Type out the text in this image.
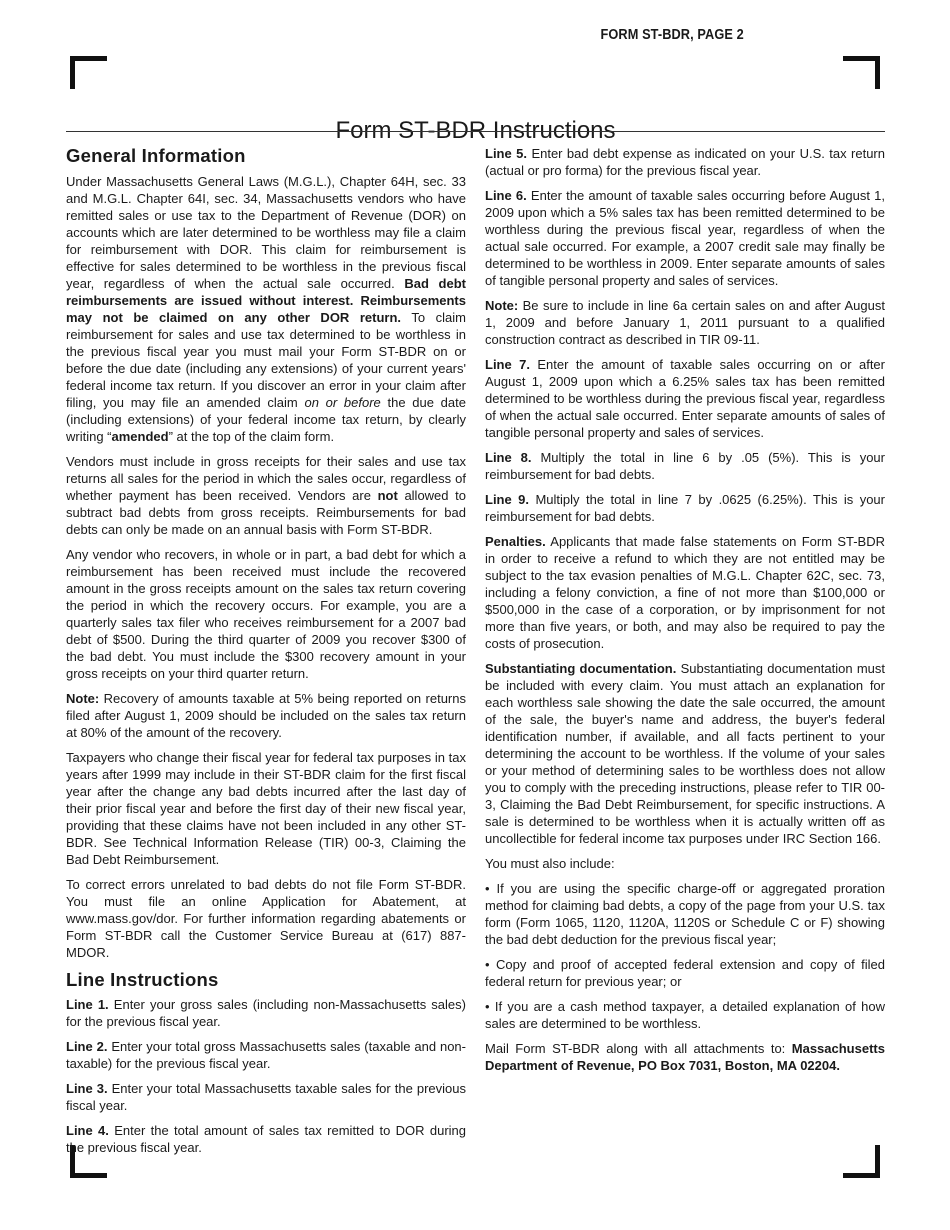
FORM ST-BDR, PAGE 2
Form ST-BDR Instructions
General Information

Under Massachusetts General Laws (M.G.L.), Chapter 64H, sec. 33 and M.G.L. Chapter 64I, sec. 34, Massachusetts vendors who have remitted sales or use tax to the Department of Revenue (DOR) on accounts which are later determined to be worthless may file a claim for reimbursement with DOR. This claim for reimbursement is effective for sales determined to be worthless in the previous fiscal year, regardless of when the actual sale occurred. Bad debt reimbursements are issued without interest. Reimbursements may not be claimed on any other DOR return. To claim reimbursement for sales and use tax determined to be worthless in the previous fiscal year you must mail your Form ST-BDR on or before the due date (including any extensions) of your current years' federal income tax return. If you discover an error in your claim after filing, you may file an amended claim on or before the due date (including extensions) of your federal income tax return, by clearly writing “amended” at the top of the claim form.

Vendors must include in gross receipts for their sales and use tax returns all sales for the period in which the sales occur, regardless of whether payment has been received. Vendors are not allowed to subtract bad debts from gross receipts. Reimbursements for bad debts can only be made on an annual basis with Form ST-BDR.

Any vendor who recovers, in whole or in part, a bad debt for which a reimbursement has been received must include the recovered amount in the gross receipts amount on the sales tax return covering the period in which the recovery occurs. For example, you are a quarterly sales tax filer who receives reimbursement for a 2007 bad debt of $500. During the third quarter of 2009 you recover $300 of the bad debt. You must include the $300 recovery amount in your gross receipts on your third quarter return.

Note: Recovery of amounts taxable at 5% being reported on returns filed after August 1, 2009 should be included on the sales tax return at 80% of the amount of the recovery.

Taxpayers who change their fiscal year for federal tax purposes in tax years after 1999 may include in their ST-BDR claim for the first fiscal year after the change any bad debts incurred after the last day of their prior fiscal year and before the first day of their new fiscal year, providing that these claims have not been included in any other ST-BDR. See Technical Information Release (TIR) 00-3, Claiming the Bad Debt Reimbursement.

To correct errors unrelated to bad debts do not file Form ST-BDR. You must file an online Application for Abatement, at www.mass.gov/dor. For further information regarding abatements or Form ST-BDR call the Customer Service Bureau at (617) 887-MDOR.

Line Instructions

Line 1. Enter your gross sales (including non-Massachusetts sales) for the previous fiscal year.

Line 2. Enter your total gross Massachusetts sales (taxable and non-taxable) for the previous fiscal year.

Line 3. Enter your total Massachusetts taxable sales for the previous fiscal year.

Line 4. Enter the total amount of sales tax remitted to DOR during the previous fiscal year.

Line 5. Enter bad debt expense as indicated on your U.S. tax return (actual or pro forma) for the previous fiscal year.

Line 6. Enter the amount of taxable sales occurring before August 1, 2009 upon which a 5% sales tax has been remitted determined to be worthless during the previous fiscal year, regardless of when the actual sale occurred. For example, a 2007 credit sale may finally be determined to be worthless in 2009. Enter separate amounts of sales of tangible personal property and sales of services.

Note: Be sure to include in line 6a certain sales on and after August 1, 2009 and before January 1, 2011 pursuant to a qualified construction contract as described in TIR 09-11.

Line 7. Enter the amount of taxable sales occurring on or after August 1, 2009 upon which a 6.25% sales tax has been remitted determined to be worthless during the previous fiscal year, regardless of when the actual sale occurred. Enter separate amounts of sales of tangible personal property and sales of services.

Line 8. Multiply the total in line 6 by .05 (5%). This is your reimbursement for bad debts.

Line 9. Multiply the total in line 7 by .0625 (6.25%). This is your reimbursement for bad debts.

Penalties. Applicants that made false statements on Form ST-BDR in order to receive a refund to which they are not entitled may be subject to the tax evasion penalties of M.G.L. Chapter 62C, sec. 73, including a felony conviction, a fine of not more than $100,000 or $500,000 in the case of a corporation, or by imprisonment for not more than five years, or both, and may also be required to pay the costs of prosecution.

Substantiating documentation. Substantiating documentation must be included with every claim. You must attach an explanation for each worthless sale showing the date the sale occurred, the amount of the sale, the buyer's name and address, the buyer's federal identification number, if available, and all facts pertinent to your determining the account to be worthless. If the volume of your sales or your method of determining sales to be worthless does not allow you to comply with the preceding instructions, please refer to TIR 00-3, Claiming the Bad Debt Reimbursement, for specific instructions. A sale is determined to be worthless when it is actually written off as uncollectible for federal income tax purposes under IRC Section 166.

You must also include:

• If you are using the specific charge-off or aggregated proration method for claiming bad debts, a copy of the page from your U.S. tax form (Form 1065, 1120, 1120A, 1120S or Schedule C or F) showing the bad debt deduction for the previous fiscal year;

• Copy and proof of accepted federal extension and copy of filed federal return for previous year; or

• If you are a cash method taxpayer, a detailed explanation of how sales are determined to be worthless.

Mail Form ST-BDR along with all attachments to: Massachusetts Department of Revenue, PO Box 7031, Boston, MA 02204.
